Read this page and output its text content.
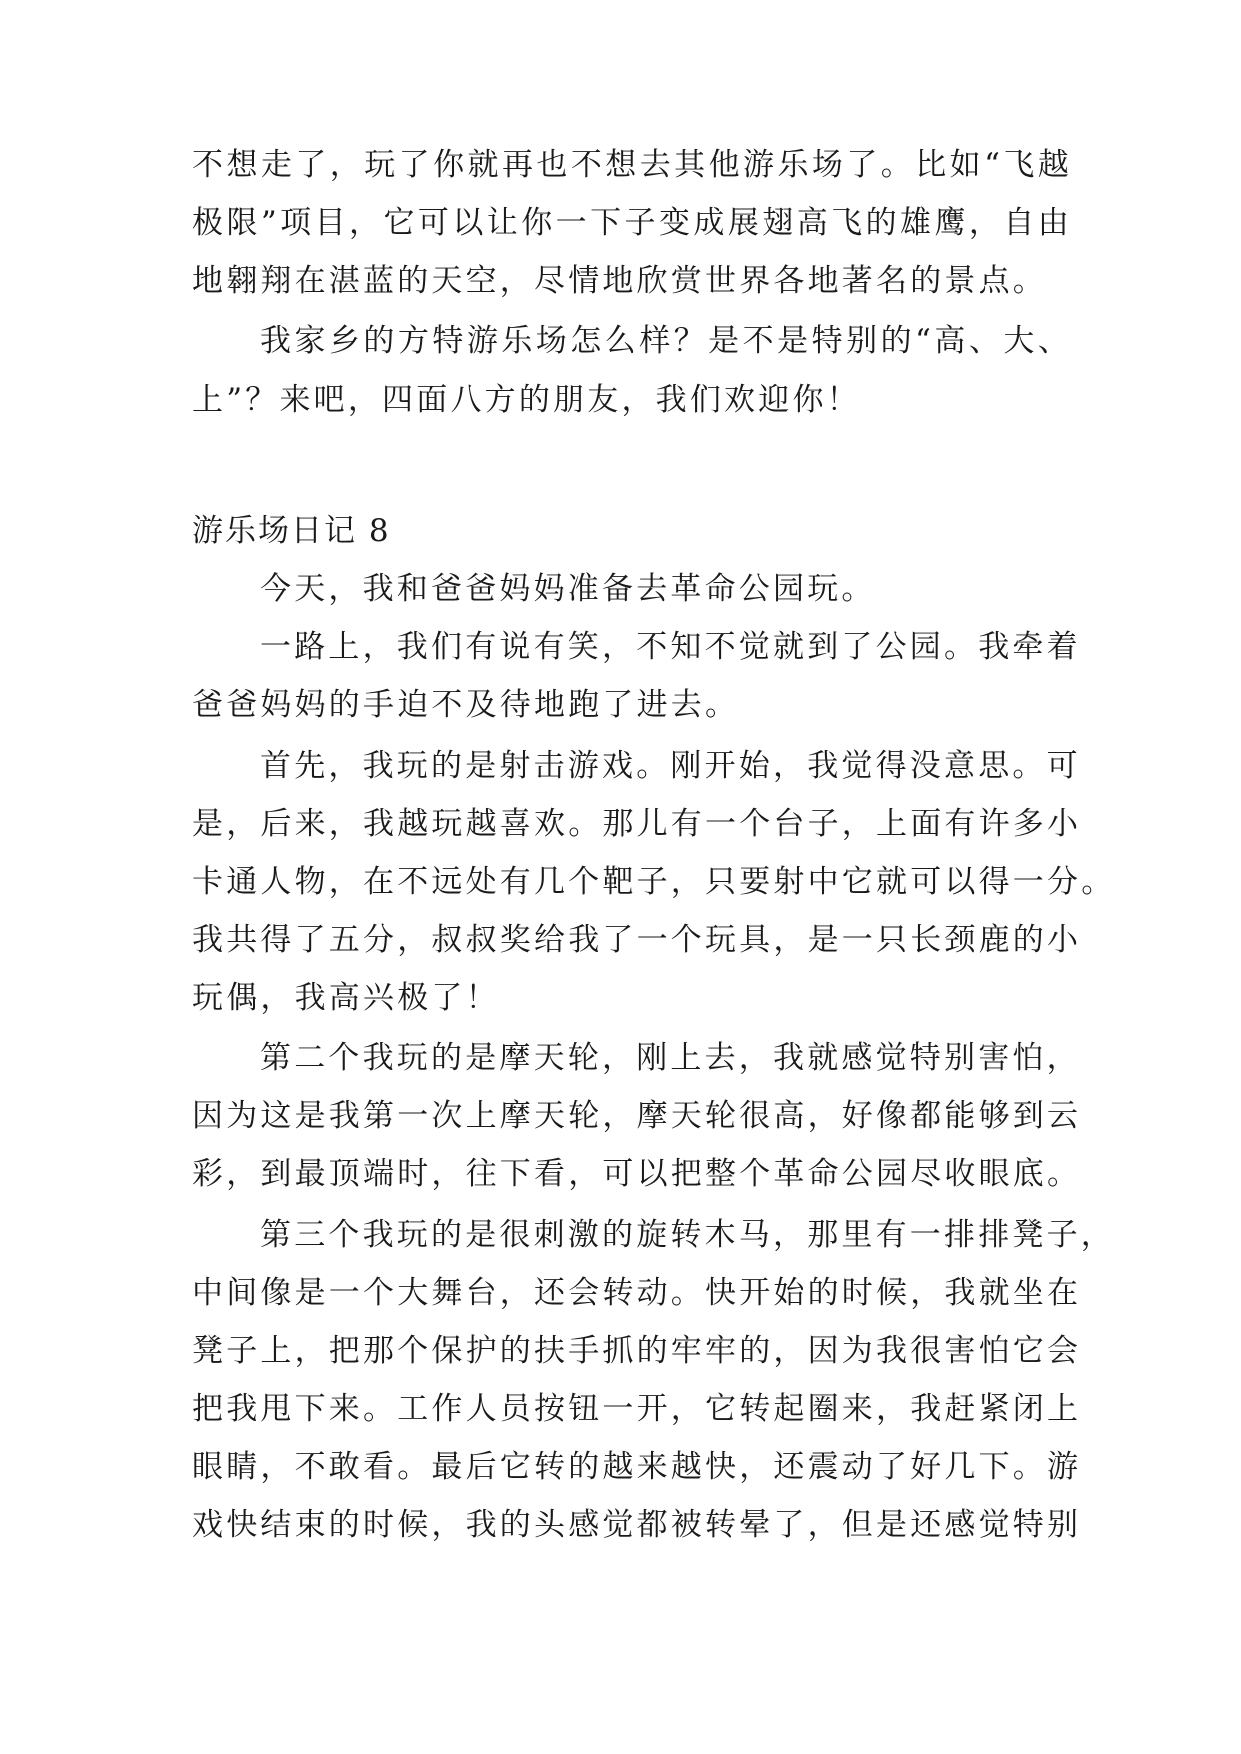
不想走了，玩了你就再也不想去其他游乐场了。比如“飞越
极限”项目，它可以让你一下子变成展翅高飞的雄鹰，自由
地翱翔在湛蓝的天空，尽情地欣赏世界各地著名的景点。
我家乡的方特游乐场怎么样？是不是特别的“高、大、
上”？来吧，四面八方的朋友，我们欢迎你！
游乐场日记 8
今天，我和爸爸妈妈准备去革命公园玩。
一路上，我们有说有笑，不知不觉就到了公园。我牵着
爸爸妈妈的手迫不及待地跑了进去。
首先，我玩的是射击游戏。刚开始，我觉得没意思。可
是，后来，我越玩越喜欢。那儿有一个台子，上面有许多小
卡通人物，在不远处有几个靶子，只要射中它就可以得一分。
我共得了五分，叔叔奖给我了一个玩具，是一只长颈鹿的小
玩偶，我高兴极了！
第二个我玩的是摩天轮，刚上去，我就感觉特别害怕，
因为这是我第一次上摩天轮，摩天轮很高，好像都能够到云
彩，到最顶端时，往下看，可以把整个革命公园尽收眼底。
第三个我玩的是很刺激的旋转木马，那里有一排排凳子，
中间像是一个大舞台，还会转动。快开始的时候，我就坐在
凳子上，把那个保护的扶手抓的牢牢的，因为我很害怕它会
把我甩下来。工作人员按钮一开，它转起圈来，我赶紧闭上
眼睛，不敢看。最后它转的越来越快，还震动了好几下。游
戏快结束的时候，我的头感觉都被转晕了，但是还感觉特别
